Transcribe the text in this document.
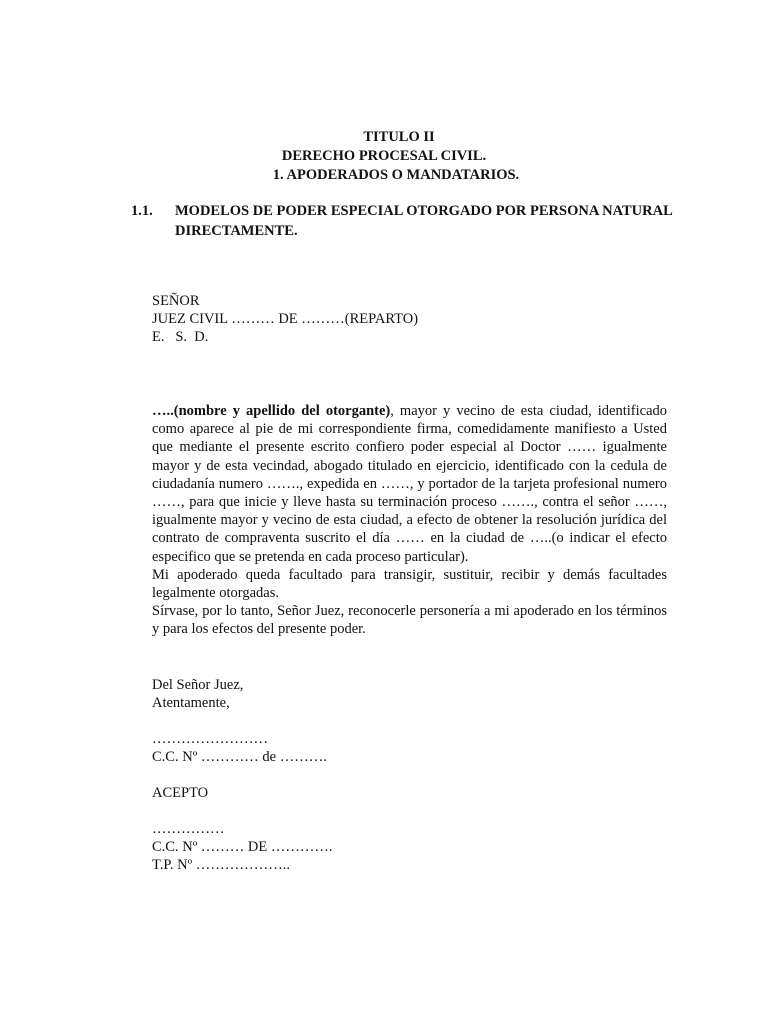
TITULO II
DERECHO PROCESAL CIVIL.
1. APODERADOS O MANDATARIOS.
1.1. MODELOS DE PODER ESPECIAL OTORGADO POR PERSONA NATURAL
DIRECTAMENTE.
SEÑOR
JUEZ CIVIL ……… DE ………(REPARTO)
E.   S.  D.

…..(nombre y apellido del otorgante), mayor y vecino de esta ciudad, identificado como aparece al pie de mi correspondiente firma, comedidamente manifiesto a Usted que mediante el presente escrito confiero poder especial al Doctor …… igualmente mayor y de esta vecindad, abogado titulado en ejercicio, identificado con la cedula de ciudadanía numero ……., expedida en ……, y portador de la tarjeta profesional numero ……, para que inicie y lleve hasta su terminación proceso ……., contra el señor ……, igualmente mayor y vecino de esta ciudad, a efecto de obtener la resolución jurídica del contrato de compraventa suscrito el día …… en la ciudad de …..(o indicar el efecto especifico que se pretenda en cada proceso particular).

Mi apoderado queda facultado para transigir, sustituir, recibir y demás facultades legalmente otorgadas.

Sírvase, por lo tanto, Señor Juez, reconocerle personería a mi apoderado en los términos y para los efectos del presente poder.

Del Señor Juez,
Atentamente,
……………………
C.C. Nº ………… de ……….
ACEPTO
……………
C.C. Nº ……… DE ………….
T.P. Nº ………………..
